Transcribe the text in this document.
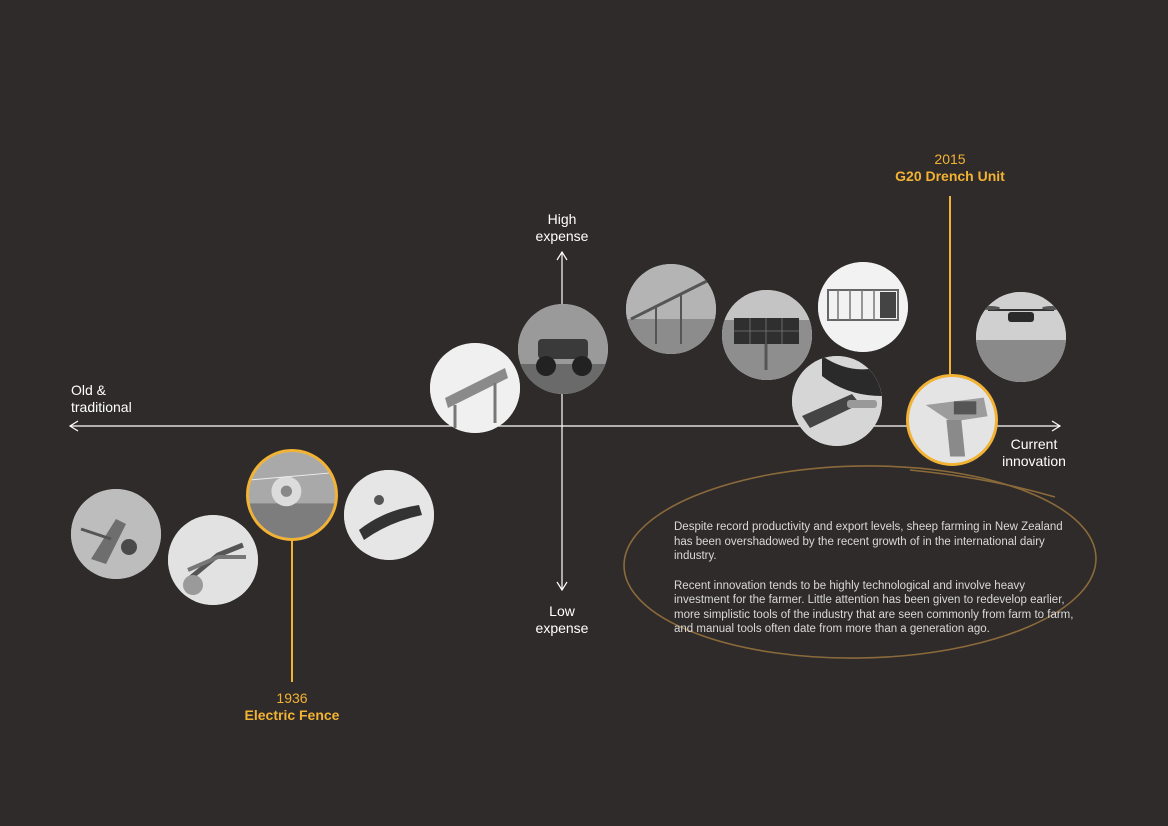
Old &
traditional
Current
innovation
High
expense
Low
expense
1936
Electric Fence
2015
G20 Drench Unit

Despite record productivity and export levels, sheep farming in New Zealand has been overshadowed by the recent growth of in the international dairy industry.

Recent innovation tends to be highly technological and involve heavy investment for the farmer. Little attention has been given to redevelop earlier, more simplistic tools of the industry that are seen commonly from farm to farm, and manual tools often date from more than a generation ago.
